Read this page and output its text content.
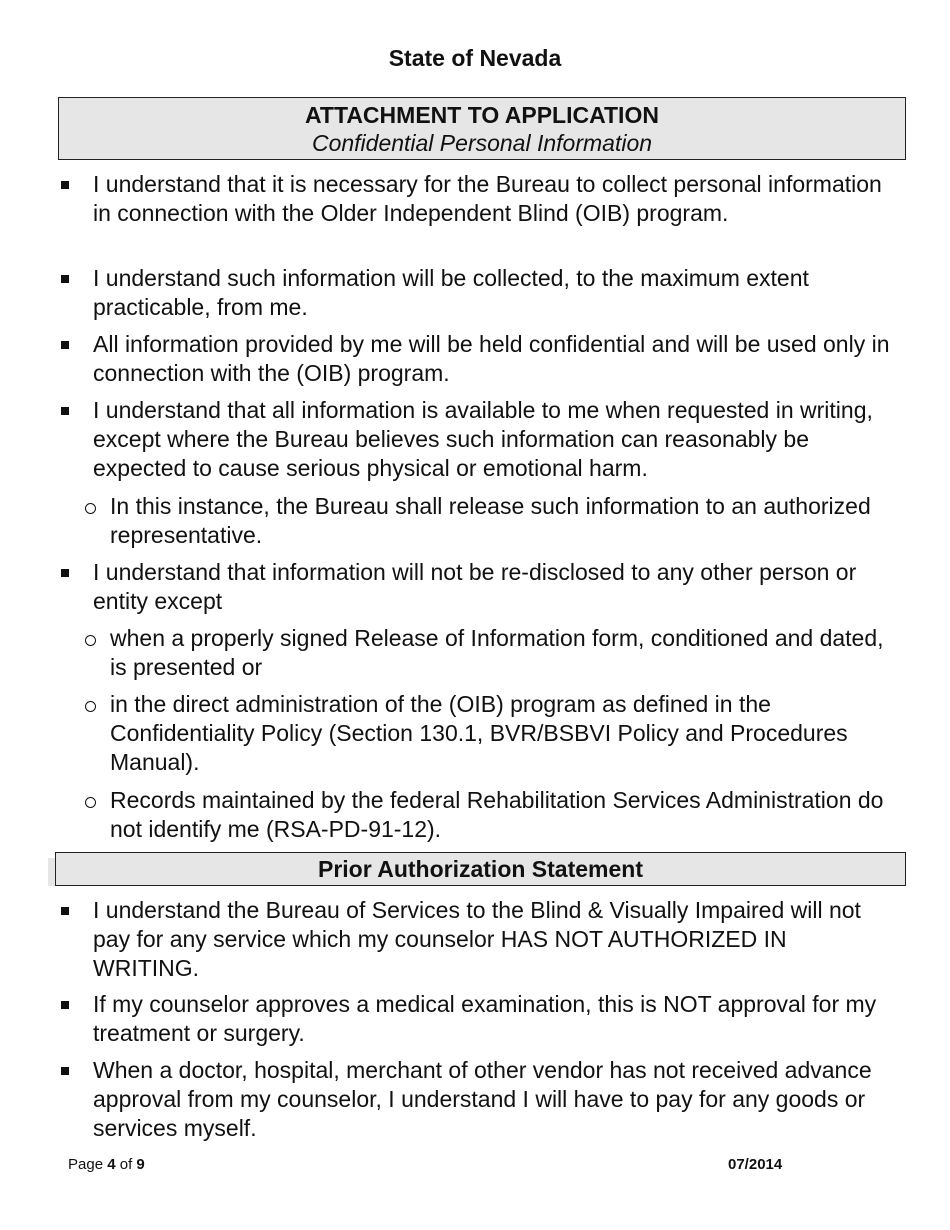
State of Nevada
ATTACHMENT TO APPLICATION
Confidential Personal Information
I understand that it is necessary for the Bureau to collect personal information in connection with the Older Independent Blind (OIB) program.
I understand such information will be collected, to the maximum extent practicable, from me.
All information provided by me will be held confidential and will be used only in connection with the (OIB) program.
I understand that all information is available to me when requested in writing, except where the Bureau believes such information can reasonably be expected to cause serious physical or emotional harm.
In this instance, the Bureau shall release such information to an authorized representative.
I understand that information will not be re-disclosed to any other person or entity except
when a properly signed Release of Information form, conditioned and dated, is presented or
in the direct administration of the (OIB) program as defined in the Confidentiality Policy (Section 130.1, BVR/BSBVI Policy and Procedures Manual).
Records maintained by the federal Rehabilitation Services Administration do not identify me (RSA-PD-91-12).
Prior Authorization Statement
I understand the Bureau of Services to the Blind & Visually Impaired will not pay for any service which my counselor HAS NOT AUTHORIZED IN WRITING.
If my counselor approves a medical examination, this is NOT approval for my treatment or surgery.
When a doctor, hospital, merchant of other vendor has not received advance approval from my counselor, I understand I will have to pay for any goods or services myself.
Page 4 of 9	07/2014
